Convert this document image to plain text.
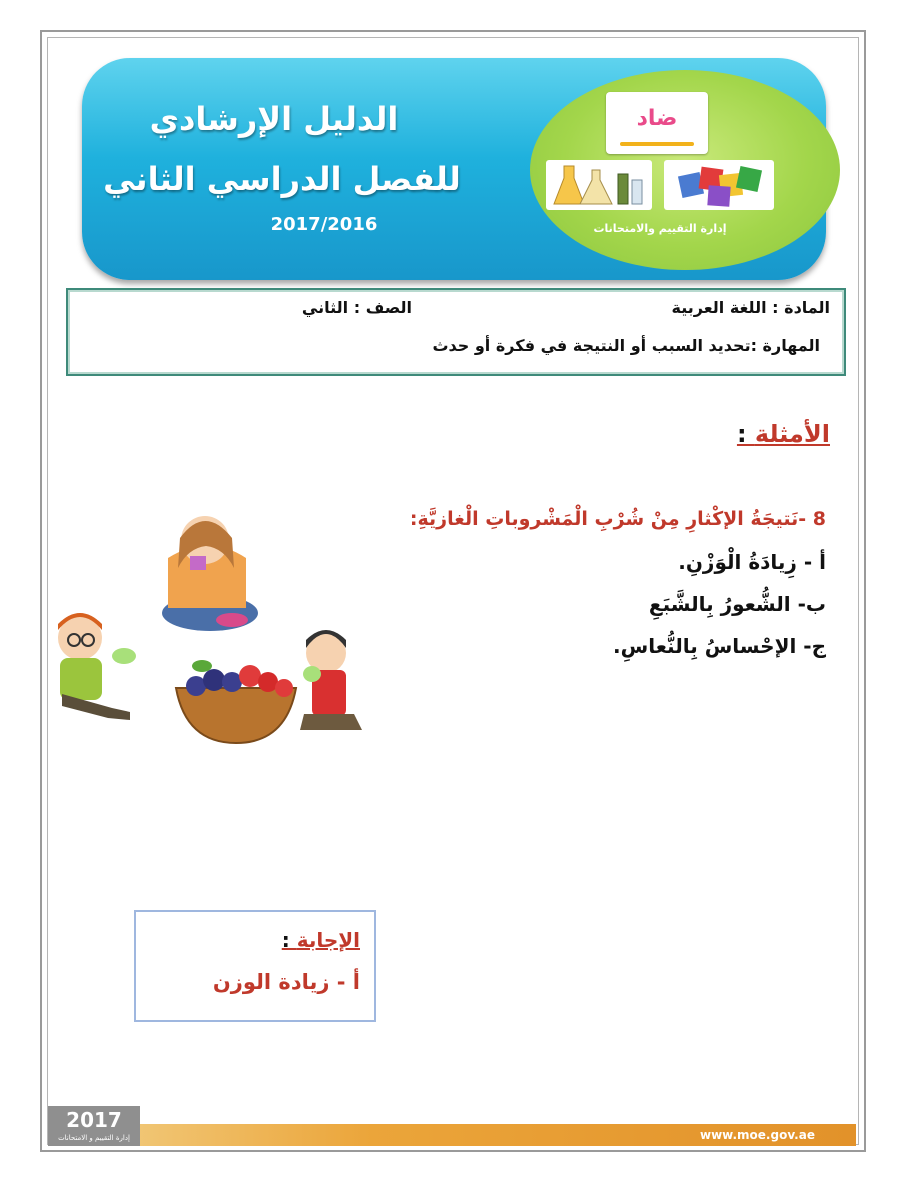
الدليل الإرشادي
للفصل الدراسي الثاني
2017/2016
ضاد
إدارة التقييم والامتحانات
المادة : اللغة العربية
الصف : الثاني
المهارة :تحديد السبب أو النتيجة في فكرة أو حدث
الأمثلة :
8 -نَتيجَةُ الإكْثارِ مِنْ شُرْبِ الْمَشْروباتِ الْغازيَّةِ:
أ - زِيادَةُ الْوَزْنِ.
ب- الشُّعورُ بِالشَّبَعِ
ج- الإحْساسُ بِالنُّعاسِ.
الإجابة :
أ - زيادة الوزن
2017
إدارة التقييم و الامتحانات	www.moe.gov.ae
